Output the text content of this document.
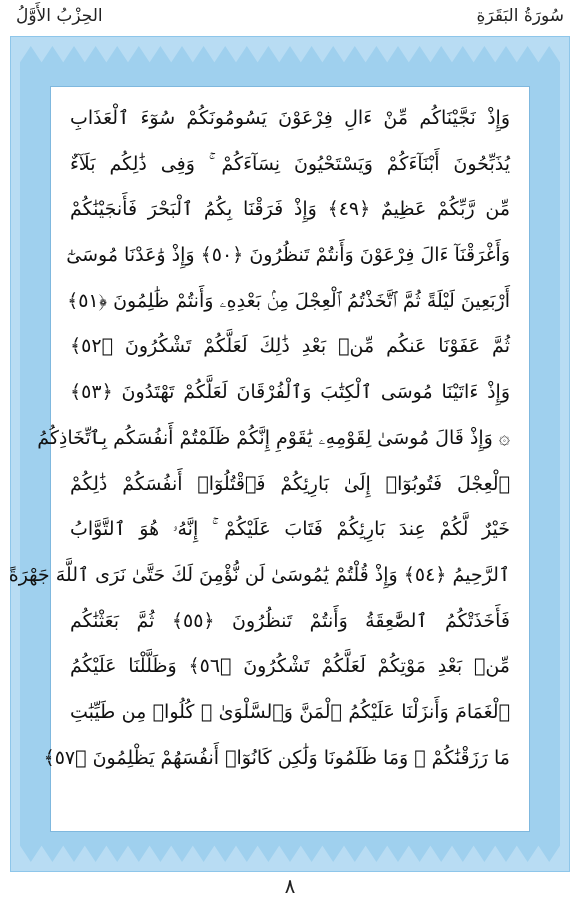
سُورَةُ البَقَرَةِ
الحِزْبُ الأَوَّلُ
وَإِذْ نَجَّيْنَاكُم مِّنْ ءَالِ فِرْعَوْنَ يَسُومُونَكُمْ سُوٓءَ ٱلْعَذَابِ
يُذَبِّحُونَ أَبْنَآءَكُمْ وَيَسْتَحْيُونَ نِسَآءَكُمْ ۚ وَفِى ذَٰلِكُم بَلَآءٌ
مِّن رَّبِّكُمْ عَظِيمٌ ﴿٤٩﴾ وَإِذْ فَرَقْنَا بِكُمُ ٱلْبَحْرَ فَأَنجَيْنَٰكُمْ
وَأَغْرَقْنَآ ءَالَ فِرْعَوْنَ وَأَنتُمْ تَنظُرُونَ ﴿٥٠﴾ وَإِذْ وَٰعَدْنَا مُوسَىٰٓ
أَرْبَعِينَ لَيْلَةً ثُمَّ ٱتَّخَذْتُمُ ٱلْعِجْلَ مِنۢ بَعْدِهِۦ وَأَنتُمْ ظَٰلِمُونَ ﴿٥١﴾
ثُمَّ عَفَوْنَا عَنكُم مِّنۢ بَعْدِ ذَٰلِكَ لَعَلَّكُمْ تَشْكُرُونَ ﴿٥٢﴾
وَإِذْ ءَاتَيْنَا مُوسَى ٱلْكِتَٰبَ وَٱلْفُرْقَانَ لَعَلَّكُمْ تَهْتَدُونَ ﴿٥٣﴾
۞ وَإِذْ قَالَ مُوسَىٰ لِقَوْمِهِۦ يَٰقَوْمِ إِنَّكُمْ ظَلَمْتُمْ أَنفُسَكُم بِٱتِّخَاذِكُمُ
ٱلْعِجْلَ فَتُوبُوٓا۟ إِلَىٰ بَارِئِكُمْ فَٱقْتُلُوٓا۟ أَنفُسَكُمْ ذَٰلِكُمْ
خَيْرٌ لَّكُمْ عِندَ بَارِئِكُمْ فَتَابَ عَلَيْكُمْ ۚ إِنَّهُۥ هُوَ ٱلتَّوَّابُ
ٱلرَّحِيمُ ﴿٥٤﴾ وَإِذْ قُلْتُمْ يَٰمُوسَىٰ لَن نُّؤْمِنَ لَكَ حَتَّىٰ نَرَى ٱللَّهَ جَهْرَةً
فَأَخَذَتْكُمُ ٱلصَّٰعِقَةُ وَأَنتُمْ تَنظُرُونَ ﴿٥٥﴾ ثُمَّ بَعَثْنَٰكُم
مِّنۢ بَعْدِ مَوْتِكُمْ لَعَلَّكُمْ تَشْكُرُونَ ﴿٥٦﴾ وَظَلَّلْنَا عَلَيْكُمُ
ٱلْغَمَامَ وَأَنزَلْنَا عَلَيْكُمُ ٱلْمَنَّ وَٱلسَّلْوَىٰ ۖ كُلُوا۟ مِن طَيِّبَٰتِ
مَا رَزَقْنَٰكُمْ ۖ وَمَا ظَلَمُونَا وَلَٰكِن كَانُوٓا۟ أَنفُسَهُمْ يَظْلِمُونَ ﴿٥٧﴾
٨
